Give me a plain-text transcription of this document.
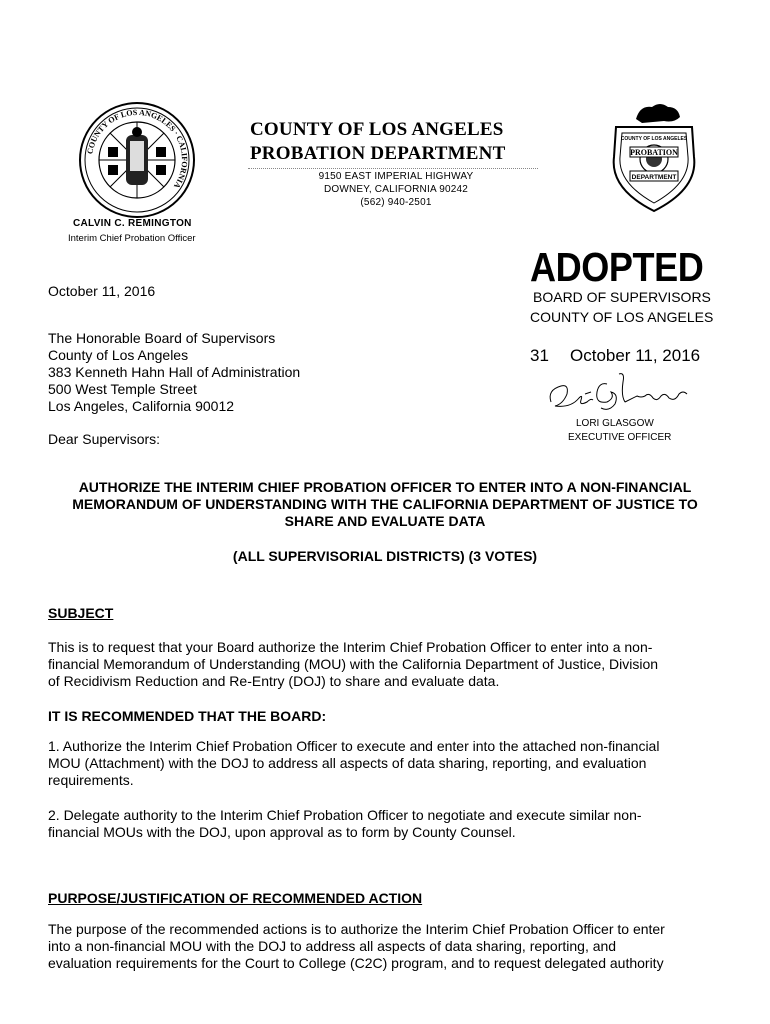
COUNTY OF LOS ANGELES · CALIFORNIA
COUNTY OF LOS ANGELES
PROBATION DEPARTMENT
9150 EAST IMPERIAL HIGHWAY
DOWNEY, CALIFORNIA 90242
(562) 940-2501
COUNTY OF LOS ANGELES
PROBATION
DEPARTMENT
CALVIN C. REMINGTON
Interim Chief Probation Officer
ADOPTED
BOARD OF SUPERVISORS
COUNTY OF LOS ANGELES
31 October 11, 2016
LORI GLASGOW
EXECUTIVE OFFICER
October 11, 2016
The Honorable Board of Supervisors
County of Los Angeles
383 Kenneth Hahn Hall of Administration
500 West Temple Street
Los Angeles, California 90012
Dear Supervisors:
AUTHORIZE THE INTERIM CHIEF PROBATION OFFICER TO ENTER INTO A NON-FINANCIAL
MEMORANDUM OF UNDERSTANDING WITH THE CALIFORNIA DEPARTMENT OF JUSTICE TO
SHARE AND EVALUATE DATA
(ALL SUPERVISORIAL DISTRICTS) (3 VOTES)
SUBJECT
This is to request that your Board authorize the Interim Chief Probation Officer to enter into a non-
financial Memorandum of Understanding (MOU) with the California Department of Justice, Division
of Recidivism Reduction and Re-Entry (DOJ) to share and evaluate data.
IT IS RECOMMENDED THAT THE BOARD:
1. Authorize the Interim Chief Probation Officer to execute and enter into the attached non-financial
MOU (Attachment) with the DOJ to address all aspects of data sharing, reporting, and evaluation
requirements.
2. Delegate authority to the Interim Chief Probation Officer to negotiate and execute similar non-
financial MOUs with the DOJ, upon approval as to form by County Counsel.
PURPOSE/JUSTIFICATION OF RECOMMENDED ACTION
The purpose of the recommended actions is to authorize the Interim Chief Probation Officer to enter
into a non-financial MOU with the DOJ to address all aspects of data sharing, reporting, and
evaluation requirements for the Court to College (C2C) program, and to request delegated authority
